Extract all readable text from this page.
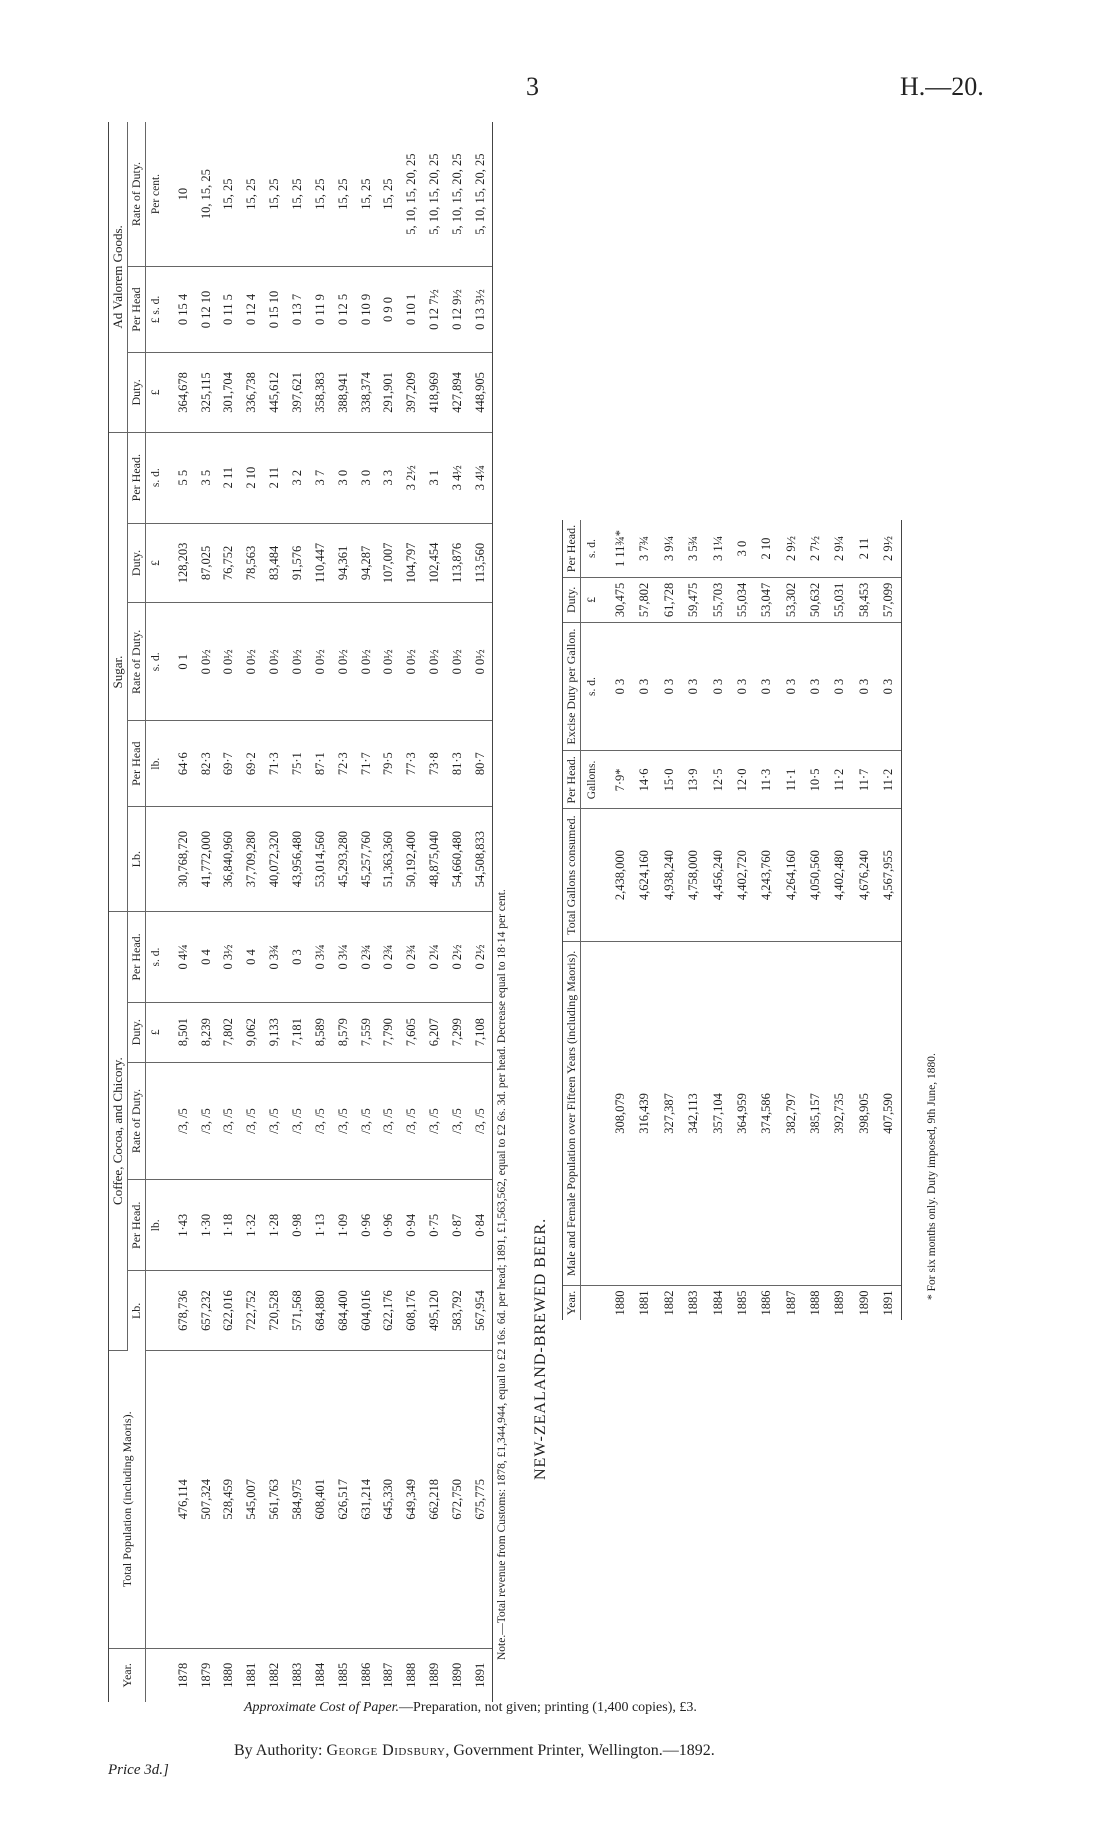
3	H.—20.
Year.	Total Population (including Maoris).	Coffee, Cocoa, and Chicory.					Sugar.					Ad Valorem Goods.		
		Lb.	Per Head.	Rate of Duty.	Duty.	Per Head.	Lb.	Per Head	Rate of Duty.	Duty.	Per Head.	Duty.	Per Head	Rate of Duty.
			lb.		£	s. d.		lb.	s. d.	£	s. d.	£	£ s. d.	Per cent.
1878	476,114	678,736	1·43	/3, /5	8,501	0 4¼	30,768,720	64·6	0 1	128,203	5 5	364,678	0 15 4	10
1879	507,324	657,232	1·30	/3, /5	8,239	0 4	41,772,000	82·3	0 0½	87,025	3 5	325,115	0 12 10	10, 15, 25
1880	528,459	622,016	1·18	/3, /5	7,802	0 3½	36,840,960	69·7	0 0½	76,752	2 11	301,704	0 11 5	15, 25
1881	545,007	722,752	1·32	/3, /5	9,062	0 4	37,709,280	69·2	0 0½	78,563	2 10	336,738	0 12 4	15, 25
1882	561,763	720,528	1·28	/3, /5	9,133	0 3¾	40,072,320	71·3	0 0½	83,484	2 11	445,612	0 15 10	15, 25
1883	584,975	571,568	0·98	/3, /5	7,181	0 3	43,956,480	75·1	0 0½	91,576	3 2	397,621	0 13 7	15, 25
1884	608,401	684,880	1·13	/3, /5	8,589	0 3¼	53,014,560	87·1	0 0½	110,447	3 7	358,383	0 11 9	15, 25
1885	626,517	684,400	1·09	/3, /5	8,579	0 3¼	45,293,280	72·3	0 0½	94,361	3 0	388,941	0 12 5	15, 25
1886	631,214	604,016	0·96	/3, /5	7,559	0 2¾	45,257,760	71·7	0 0½	94,287	3 0	338,374	0 10 9	15, 25
1887	645,330	622,176	0·96	/3, /5	7,790	0 2¾	51,363,360	79·5	0 0½	107,007	3 3	291,901	0 9 0	15, 25
1888	649,349	608,176	0·94	/3, /5	7,605	0 2¾	50,192,400	77·3	0 0½	104,797	3 2½	397,209	0 10 1	5, 10, 15, 20, 25
1889	662,218	495,120	0·75	/3, /5	6,207	0 2¼	48,875,040	73·8	0 0½	102,454	3 1	418,969	0 12 7½	5, 10, 15, 20, 25
1890	672,750	583,792	0·87	/3, /5	7,299	0 2½	54,660,480	81·3	0 0½	113,876	3 4½	427,894	0 12 9½	5, 10, 15, 20, 25
1891	675,775	567,954	0·84	/3, /5	7,108	0 2½	54,508,833	80·7	0 0½	113,560	3 4¼	448,905	0 13 3½	5, 10, 15, 20, 25
Note.—Total revenue from Customs: 1878, £1,344,944, equal to £2 16s. 6d. per head; 1891, £1,563,562, equal to £2 6s. 3d. per head. Decrease equal to 18·14 per cent. NEW-ZEALAND-BREWED BEER. Year.	Male and Female Population over Fifteen Years (including Maoris).	Total Gallons consumed.	Per Head.	Excise Duty per Gallon.	Duty.	Per Head.
			Gallons.	s. d.	£	s. d.
1880	308,079	2,438,000	7·9*	0 3	30,475	1 11¾*
1881	316,439	4,624,160	14·6	0 3	57,802	3 7¾
1882	327,387	4,938,240	15·0	0 3	61,728	3 9¼
1883	342,113	4,758,000	13·9	0 3	59,475	3 5¾
1884	357,104	4,456,240	12·5	0 3	55,703	3 1¼
1885	364,959	4,402,720	12·0	0 3	55,034	3 0
1886	374,586	4,243,760	11·3	0 3	53,047	2 10
1887	382,797	4,264,160	11·1	0 3	53,302	2 9½
1888	385,157	4,050,560	10·5	0 3	50,632	2 7½
1889	392,735	4,402,480	11·2	0 3	55,031	2 9¼
1890	398,905	4,676,240	11·7	0 3	58,453	2 11
1891	407,590	4,567,955	11·2	0 3	57,099	2 9½
* For six months only. Duty imposed, 9th June, 1880.
Approximate Cost of Paper.—Preparation, not given; printing (1,400 copies), £3.
By Authority: George Didsbury, Government Printer, Wellington.—1892.
Price 3d.]
